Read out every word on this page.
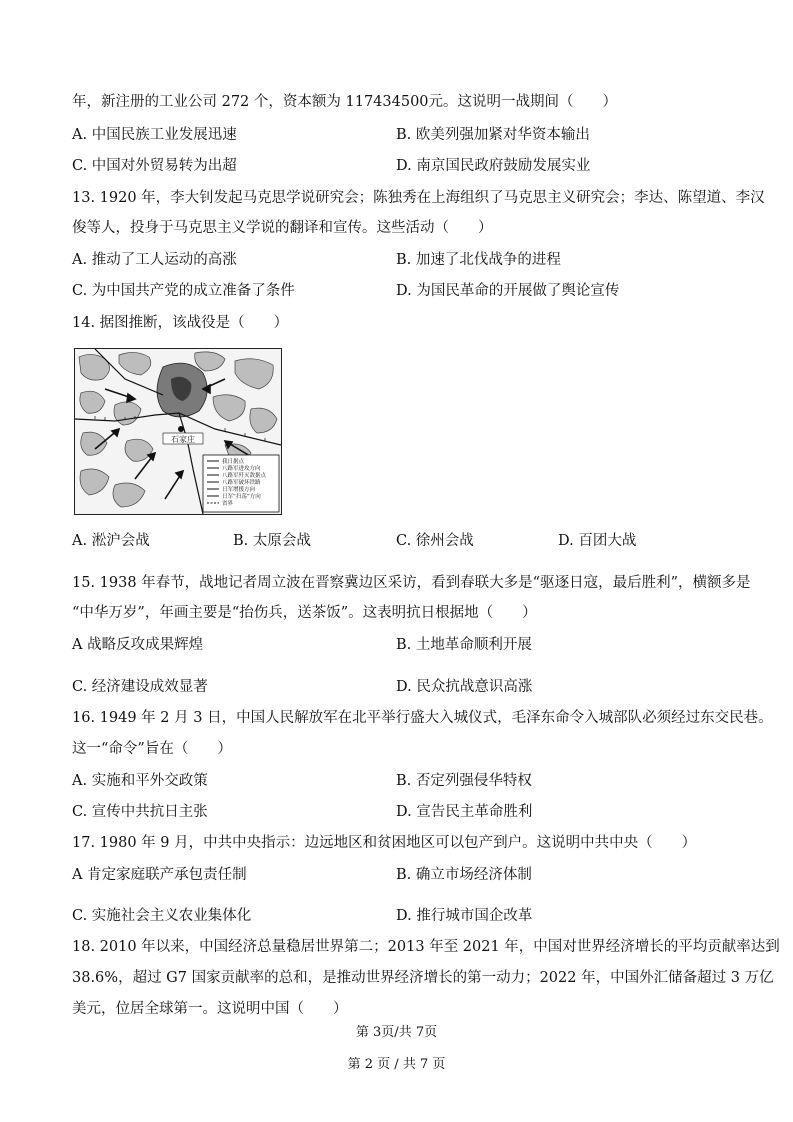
年，新注册的工业公司 272 个，资本额为 117434500元。这说明一战期间（　　）
A. 中国民族工业发展迅速	B. 欧美列强加紧对华资本输出
C. 中国对外贸易转为出超	D. 南京国民政府鼓励发展实业
13. 1920 年，李大钊发起马克思学说研究会；陈独秀在上海组织了马克思主义研究会；李达、陈望道、李汉
俊等人，投身于马克思主义学说的翻译和宣传。这些活动（　　）
A. 推动了工人运动的高涨	B. 加速了北伐战争的进程
C. 为中国共产党的成立准备了条件	D. 为国民革命的开展做了舆论宣传
14. 据图推断，该战役是（　　）
石家庄
我日据点
八路军进攻方向
八路军歼灭敌据点
八路军破坏铁路
日军增援方向
日军“扫荡”方向
省界
A. 淞沪会战	B. 太原会战	C. 徐州会战	D. 百团大战
15. 1938 年春节，战地记者周立波在晋察冀边区采访，看到春联大多是“驱逐日寇，最后胜利”，横额多是
“中华万岁”，年画主要是“抬伤兵，送茶饭”。这表明抗日根据地（　　）
A 战略反攻成果辉煌	B. 土地革命顺利开展
C. 经济建设成效显著	D. 民众抗战意识高涨
16. 1949 年 2 月 3 日，中国人民解放军在北平举行盛大入城仪式，毛泽东命令入城部队必须经过东交民巷。
这一“命令”旨在（　　）
A. 实施和平外交政策	B. 否定列强侵华特权
C. 宣传中共抗日主张	D. 宣告民主革命胜利
17. 1980 年 9 月，中共中央指示：边远地区和贫困地区可以包产到户。这说明中共中央（　　）
A 肯定家庭联产承包责任制	B. 确立市场经济体制
C. 实施社会主义农业集体化	D. 推行城市国企改革
18. 2010 年以来，中国经济总量稳居世界第二；2013 年至 2021 年，中国对世界经济增长的平均贡献率达到
38.6%，超过 G7 国家贡献率的总和，是推动世界经济增长的第一动力；2022 年，中国外汇储备超过 3 万亿
美元，位居全球第一。这说明中国（　　）
第 3页/共 7页
第 2 页 / 共 7 页
